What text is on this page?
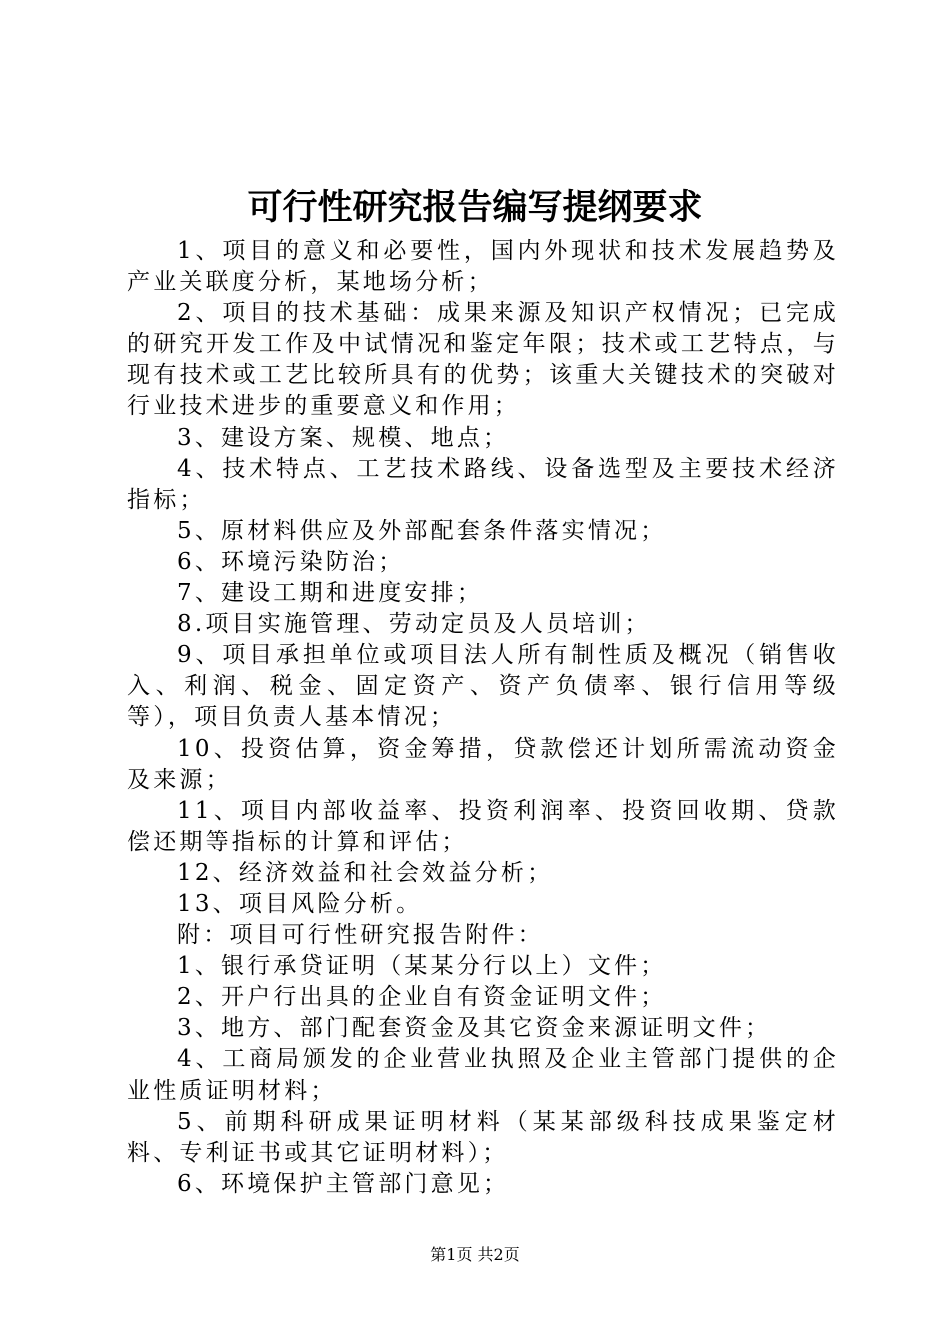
可行性研究报告编写提纲要求

1、项目的意义和必要性，国内外现状和技术发展趋势及产业关联度分析，某地场分析；

2、项目的技术基础：成果来源及知识产权情况；已完成的研究开发工作及中试情况和鉴定年限；技术或工艺特点，与现有技术或工艺比较所具有的优势；该重大关键技术的突破对行业技术进步的重要意义和作用；

3、建设方案、规模、地点；

4、技术特点、工艺技术路线、设备选型及主要技术经济指标；

5、原材料供应及外部配套条件落实情况；

6、环境污染防治；

7、建设工期和进度安排；

8.项目实施管理、劳动定员及人员培训；

9、项目承担单位或项目法人所有制性质及概况（销售收入、利润、税金、固定资产、资产负债率、银行信用等级等），项目负责人基本情况；

10、投资估算，资金筹措，贷款偿还计划所需流动资金及来源；

11、项目内部收益率、投资利润率、投资回收期、贷款偿还期等指标的计算和评估；

12、经济效益和社会效益分析；

13、项目风险分析。

附：项目可行性研究报告附件：

1、银行承贷证明（某某分行以上）文件；

2、开户行出具的企业自有资金证明文件；

3、地方、部门配套资金及其它资金来源证明文件；

4、工商局颁发的企业营业执照及企业主管部门提供的企业性质证明材料；

5、前期科研成果证明材料（某某部级科技成果鉴定材料、专利证书或其它证明材料）；

6、环境保护主管部门意见；

第1页 共2页
